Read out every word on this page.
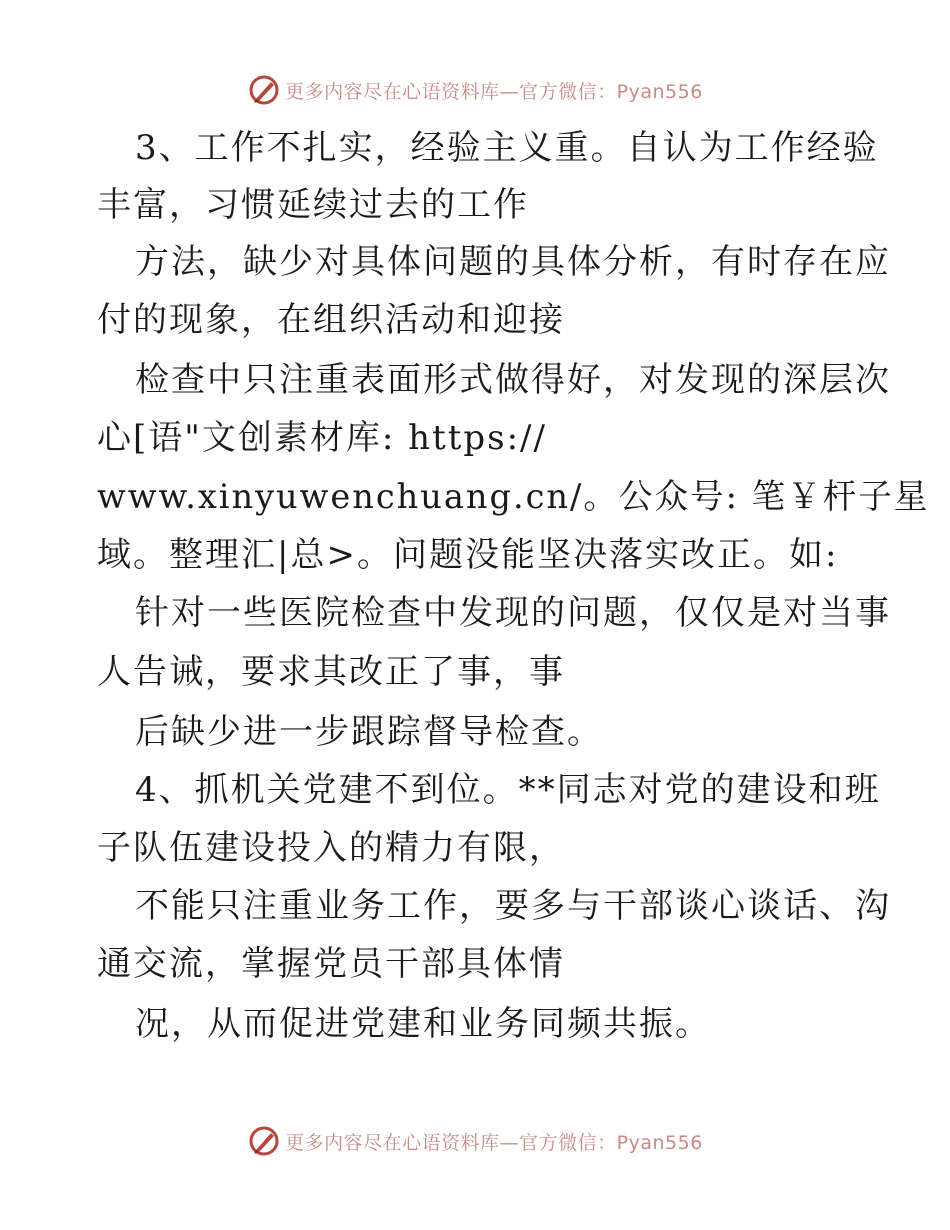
更多内容尽在心语资料库—官方微信：Pyan556
3、工作不扎实，经验主义重。自认为工作经验
丰富，习惯延续过去的工作
方法，缺少对具体问题的具体分析，有时存在应
付的现象，在组织活动和迎接
检查中只注重表面形式做得好，对发现的深层次
心[语"文创素材库: https://
www.xinyuwenchuang.cn/。公众号: 笔￥杆子星
域。整理汇|总>。问题没能坚决落实改正。如:
针对一些医院检查中发现的问题，仅仅是对当事
人告诫，要求其改正了事，事
后缺少进一步跟踪督导检查。
4、抓机关党建不到位。**同志对党的建设和班
子队伍建设投入的精力有限，
不能只注重业务工作，要多与干部谈心谈话、沟
通交流，掌握党员干部具体情
况，从而促进党建和业务同频共振。
更多内容尽在心语资料库—官方微信：Pyan556
